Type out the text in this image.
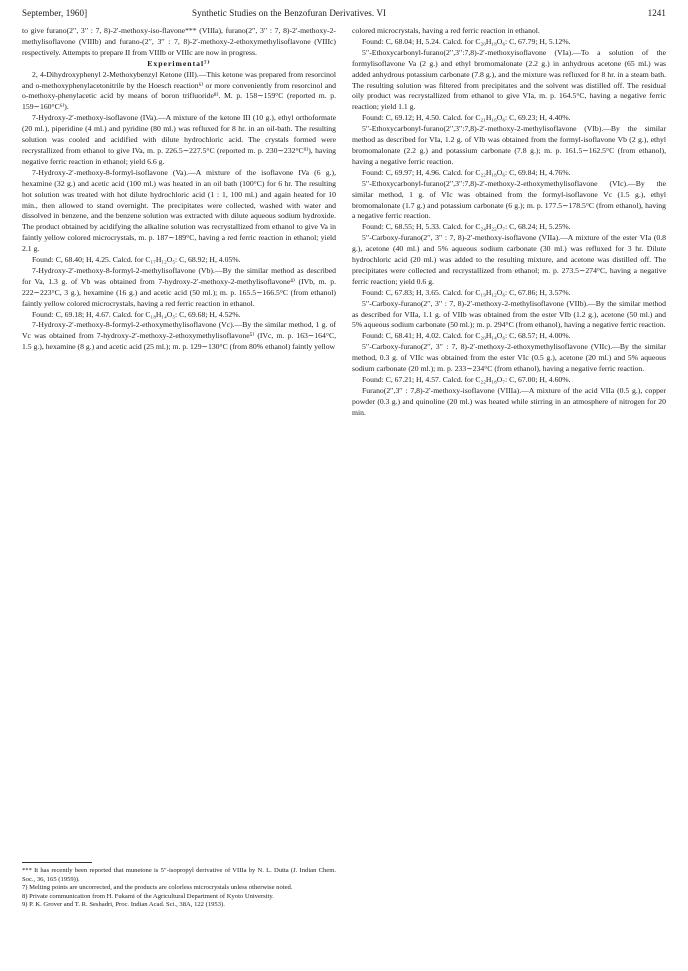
September, 1960]	Synthetic Studies on the Benzofuran Derivatives. VI	1241

to give furano(2′′, 3′′ : 7, 8)-2′-methoxy-iso-flavone*** (VIIIa), furano(2′′, 3′′ : 7, 8)-2′-methoxy-2-methylisoflavone (VIIIb) and furano-(2′′, 3′′ : 7, 8)-2′-methoxy-2-ethoxymethylisoflavone (VIIIc) respectively. Attempts to prepare II from VIIIb or VIIIc are now in progress.

Experimental⁷⁾

2, 4-Dihydroxyphenyl 2-Methoxybenzyl Ketone (III).—This ketone was prepared from resorcinol and o-methoxyphenylacetonitrile by the Hoesch reaction⁶⁾ or more conveniently from resorcinol and o-methoxy-phenylacetic acid by means of boron trifluoride⁸⁾. M. p. 158∼159°C (reported m. p. 159∼160°C⁶⁾).

7-Hydroxy-2′-methoxy-isoflavone (IVa).—A mixture of the ketone III (10 g.), ethyl orthoformate (20 ml.), piperidine (4 ml.) and pyridine (80 ml.) was refluxed for 8 hr. in an oil-bath. The resulting solution was cooled and acidified with dilute hydrochloric acid. The crystals formed were recrystallized from ethanol to give IVa, m. p. 226.5∼227.5°C (reported m. p. 230∼232°C⁹⁾), having negative ferric reaction in ethanol; yield 6.6 g.

7-Hydroxy-2′-methoxy-8-formyl-isoflavone (Va).—A mixture of the isoflavone IVa (6 g.), hexamine (32 g.) and acetic acid (100 ml.) was heated in an oil bath (100°C) for 6 hr. The resulting hot solution was treated with hot dilute hydrochloric acid (1 : 1, 100 ml.) and again heated for 10 min., then allowed to stand overnight. The precipitates were collected, washed with water and dissolved in benzene, and the benzene solution was extracted with dilute aqueous sodium hydroxide. The product obtained by acidifying the alkaline solution was recrystallized from ethanol to give Va in faintly yellow colored microcrystals, m. p. 187∼189°C, having a red ferric reaction in ethanol; yield 2.1 g.

Found: C, 68.40; H, 4.25. Calcd. for C₁₇H₁₂O₅: C, 68.92; H, 4.05%.

7-Hydroxy-2′-methoxy-8-formyl-2-methylisoflavone (Vb).—By the similar method as described for Va, 1.3 g. of Vb was obtained from 7-hydroxy-2′-methoxy-2-methylisoflavone⁴⁾ (IVb, m. p. 222∼223°C, 3 g.), hexamine (16 g.) and acetic acid (50 ml.); m. p. 165.5∼166.5°C (from ethanol) faintly yellow colored microcrystals, having a red ferric reaction in ethanol.

Found: C, 69.18; H, 4.67. Calcd. for C₁₈H₁₄O₅: C, 69.68; H, 4.52%.

7-Hydroxy-2′-methoxy-8-formyl-2-ethoxymethylisoflavone (Vc).—By the similar method, 1 g. of Vc was obtained from 7-hydroxy-2′-methoxy-2-ethoxymethylisoflavone⁵⁾ (IVc, m. p. 163∼164°C, 1.5 g.), hexamine (8 g.) and acetic acid (25 ml.); m. p. 129∼130°C (from 80% ethanol) faintly yellow

colored microcrystals, having a red ferric reaction in ethanol.

Found: C, 68.04; H, 5.24. Calcd. for C₂₀H₁₈O₆: C, 67.79; H, 5.12%.

5′′-Ethoxycarbonyl-furano(2′′,3′′:7,8)-2′-methoxyisoflavone (VIa).—To a solution of the formylisoflavone Va (2 g.) and ethyl bromomalonate (2.2 g.) in anhydrous acetone (65 ml.) was added anhydrous potassium carbonate (7.8 g.), and the mixture was refluxed for 8 hr. in a steam bath. The resulting solution was filtered from precipitates and the solvent was distilled off. The residual oily product was recrystallized from ethanol to give VIa, m. p. 164.5°C, having a negative ferric reaction; yield 1.1 g.

Found: C, 69.12; H, 4.50. Calcd. for C₂₁H₁₆O₆: C, 69.23; H, 4.40%.

5′′-Ethoxycarbonyl-furano(2′′,3′′:7,8)-2′-methoxy-2-methylisoflavone (VIb).—By the similar method as described for VIa, 1.2 g. of VIb was obtained from the formyl-isoflavone Vb (2 g.), ethyl bromomalonate (2.2 g.) and potassium carbonate (7.8 g.); m. p. 161.5∼162.5°C (from ethanol), having a negative ferric reaction.

Found: C, 69.97; H, 4.96. Calcd. for C₂₂H₁₈O₆: C, 69.84; H, 4.76%.

5′′-Ethoxycarbonyl-furano(2′′,3′′:7,8)-2′-methoxy-2-ethoxymethylisoflavone (VIc).—By the similar method, 1 g. of VIc was obtained from the formyl-isoflavone Vc (1.5 g.), ethyl bromomalonate (1.7 g.) and potassium carbonate (6 g.); m. p. 177.5∼178.5°C (from ethanol), having a negative ferric reaction.

Found: C, 68.55; H, 5.33. Calcd. for C₂₄H₂₂O₇: C, 68.24; H, 5.25%.

5′′-Carboxy-furano(2′′, 3′′ : 7, 8)-2′-methoxy-isoflavone (VIIa).—A mixture of the ester VIa (0.8 g.), acetone (40 ml.) and 5% aqueous sodium carbonate (30 ml.) was refluxed for 3 hr. Dilute hydrochloric acid (20 ml.) was added to the resulting mixture, and acetone was distilled off. The precipitates were collected and recrystallized from ethanol; m. p. 273.5∼274°C, having a negative ferric reaction; yield 0.6 g.

Found: C, 67.83; H, 3.65. Calcd. for C₁₉H₁₂O₆: C, 67.86; H, 3.57%.

5′′-Carboxy-furano(2′′, 3′′ : 7, 8)-2′-methoxy-2-methylisoflavone (VIIb).—By the similar method as described for VIIa, 1.1 g. of VIIb was obtained from the ester VIb (1.2 g.), acetone (50 ml.) and 5% aqueous sodium carbonate (50 ml.); m. p. 294°C (from ethanol), having a negative ferric reaction.

Found: C, 68.41; H, 4.02. Calcd. for C₂₀H₁₄O₆: C, 68.57; H, 4.00%.

5′′-Carboxy-furano(2′′, 3′′ : 7, 8)-2′-methoxy-2-ethoxymethylisoflavone (VIIc).—By the similar method, 0.3 g. of VIIc was obtained from the ester VIc (0.5 g.), acetone (20 ml.) and 5% aqueous sodium carbonate (20 ml.); m. p. 233∼234°C (from ethanol), having a negative ferric reaction.

Found: C, 67.21; H, 4.57. Calcd. for C₂₂H₁₈O₇: C, 67.00; H, 4.60%.

Furano(2′′,3′′ : 7,8)-2′-methoxy-isoflavone (VIIIa).—A mixture of the acid VIIa (0.5 g.), copper powder (0.3 g.) and quinoline (20 ml.) was heated while stirring in an atmosphere of nitrogen for 20 min.

*** It has recently been reported that munetone is 5′′-isopropyl derivative of VIIIa by N. L. Dutta (J. Indian Chem. Soc., 36, 165 (1959)).

7) Melting points are uncorrected, and the products are colorless microcrystals unless otherwise noted.

8) Private communication from H. Fukami of the Agricultural Department of Kyoto University.

9) P. K. Grover and T. R. Seshadri, Proc. Indian Acad. Sci., 38A, 122 (1953).
